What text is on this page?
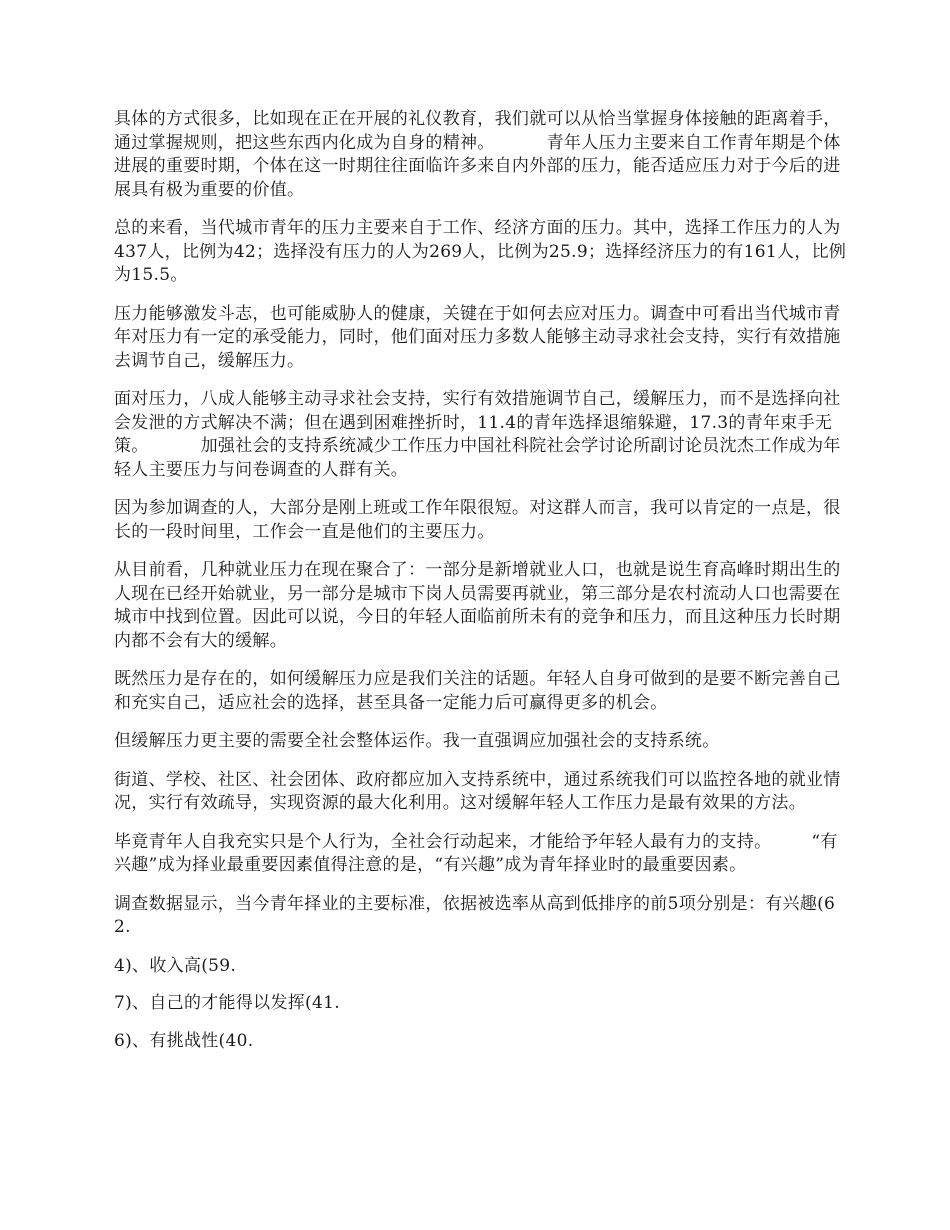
具体的方式很多，比如现在正在开展的礼仪教育，我们就可以从恰当掌握身体接触的距离着手，通过掌握规则，把这些东西内化成为自身的精神。	青年人压力主要来自工作青年期是个体进展的重要时期，个体在这一时期往往面临许多来自内外部的压力，能否适应压力对于今后的进展具有极为重要的价值。

总的来看，当代城市青年的压力主要来自于工作、经济方面的压力。其中，选择工作压力的人为437人，比例为42；选择没有压力的人为269人，比例为25.9；选择经济压力的有161人，比例为15.5。

压力能够激发斗志，也可能威胁人的健康，关键在于如何去应对压力。调查中可看出当代城市青年对压力有一定的承受能力，同时，他们面对压力多数人能够主动寻求社会支持，实行有效措施去调节自己，缓解压力。

面对压力，八成人能够主动寻求社会支持，实行有效措施调节自己，缓解压力，而不是选择向社会发泄的方式解决不满；但在遇到困难挫折时，11.4的青年选择退缩躲避，17.3的青年束手无策。	加强社会的支持系统减少工作压力中国社科院社会学讨论所副讨论员沈杰工作成为年轻人主要压力与问卷调查的人群有关。

因为参加调查的人，大部分是刚上班或工作年限很短。对这群人而言，我可以肯定的一点是，很长的一段时间里，工作会一直是他们的主要压力。

从目前看，几种就业压力在现在聚合了：一部分是新增就业人口，也就是说生育高峰时期出生的人现在已经开始就业，另一部分是城市下岗人员需要再就业，第三部分是农村流动人口也需要在城市中找到位置。因此可以说，今日的年轻人面临前所未有的竞争和压力，而且这种压力长时期内都不会有大的缓解。

既然压力是存在的，如何缓解压力应是我们关注的话题。年轻人自身可做到的是要不断完善自己和充实自己，适应社会的选择，甚至具备一定能力后可赢得更多的机会。

但缓解压力更主要的需要全社会整体运作。我一直强调应加强社会的支持系统。

街道、学校、社区、社会团体、政府都应加入支持系统中，通过系统我们可以监控各地的就业情况，实行有效疏导，实现资源的最大化利用。这对缓解年轻人工作压力是最有效果的方法。

毕竟青年人自我充实只是个人行为，全社会行动起来，才能给予年轻人最有力的支持。 “有兴趣”成为择业最重要因素值得注意的是，“有兴趣”成为青年择业时的最重要因素。

调查数据显示，当今青年择业的主要标准，依据被选率从高到低排序的前5项分别是：有兴趣(62.

4)、收入高(59.

7)、自己的才能得以发挥(41.

6)、有挑战性(40.
